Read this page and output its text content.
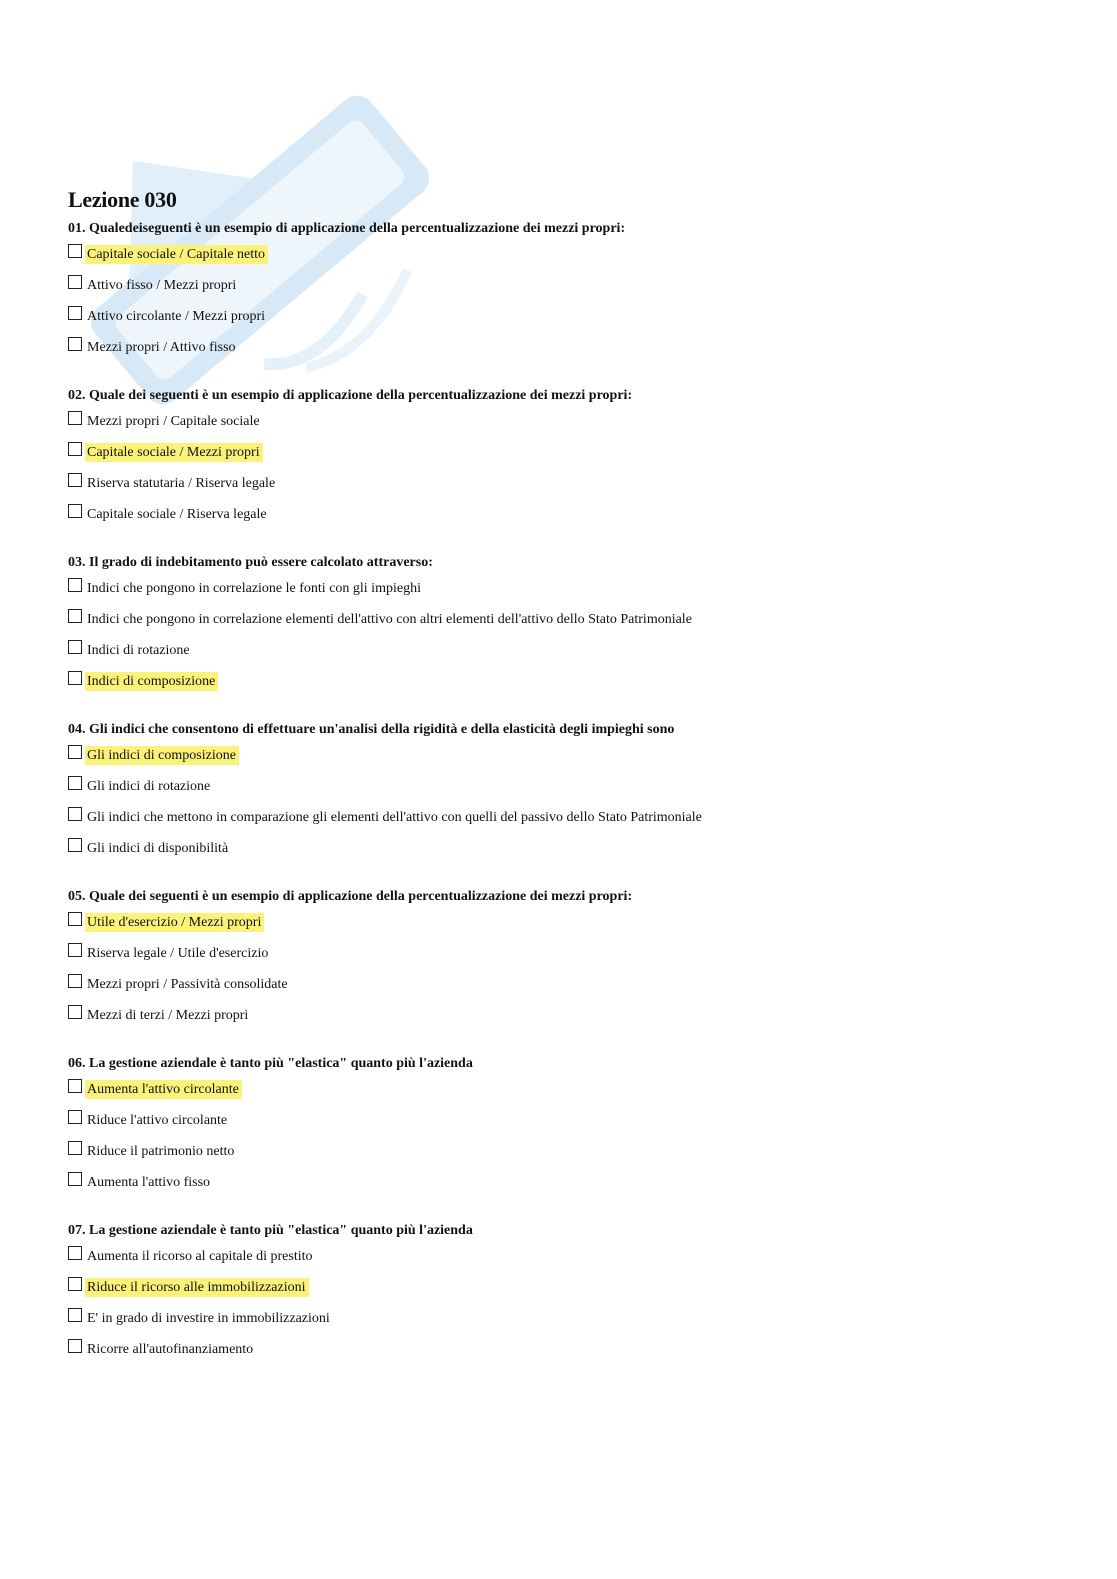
Lezione 030
01. Qualedeiseguenti è un esempio di applicazione della percentualizzazione dei mezzi propri:
Capitale sociale / Capitale netto
Attivo fisso / Mezzi propri
Attivo circolante / Mezzi propri
Mezzi propri / Attivo fisso
02. Quale dei seguenti è un esempio di applicazione della percentualizzazione dei mezzi propri:
Mezzi propri / Capitale sociale
Capitale sociale / Mezzi propri
Riserva statutaria / Riserva legale
Capitale sociale / Riserva legale
03. Il grado di indebitamento può essere calcolato attraverso:
Indici che pongono in correlazione le fonti con gli impieghi
Indici che pongono in correlazione elementi dell'attivo con altri elementi dell'attivo dello Stato Patrimoniale
Indici di rotazione
Indici di composizione
04. Gli indici che consentono di effettuare un'analisi della rigidità e della elasticità degli impieghi sono
Gli indici di composizione
Gli indici di rotazione
Gli indici che mettono in comparazione gli elementi dell'attivo con quelli del passivo dello Stato Patrimoniale
Gli indici di disponibilità
05. Quale dei seguenti è un esempio di applicazione della percentualizzazione dei mezzi propri:
Utile d'esercizio / Mezzi propri
Riserva legale / Utile d'esercizio
Mezzi propri / Passività consolidate
Mezzi di terzi / Mezzi propri
06. La gestione aziendale è tanto più "elastica" quanto più l'azienda
Aumenta l'attivo circolante
Riduce l'attivo circolante
Riduce il patrimonio netto
Aumenta l'attivo fisso
07. La gestione aziendale è tanto più "elastica" quanto più l'azienda
Aumenta il ricorso al capitale di prestito
Riduce il ricorso alle immobilizzazioni
E' in grado di investire in immobilizzazioni
Ricorre all'autofinanziamento
